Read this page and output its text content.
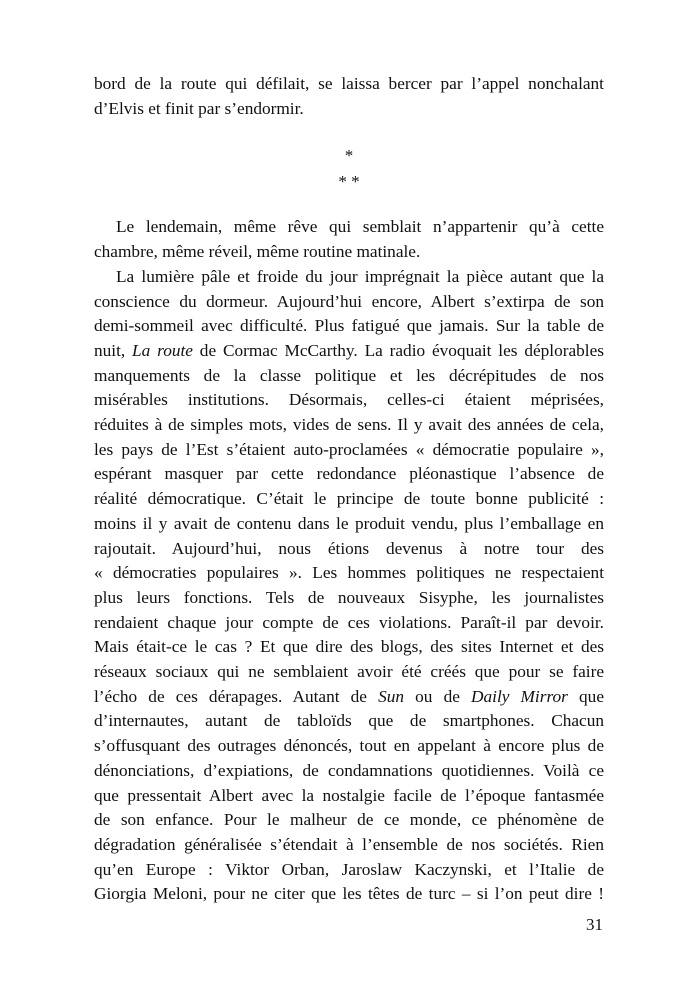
bord de la route qui défilait, se laissa bercer par l’appel nonchalant

d’Elvis et finit par s’endormir.

*
* *

Le lendemain, même rêve qui semblait n’appartenir qu’à cette

chambre, même réveil, même routine matinale.

La lumière pâle et froide du jour imprégnait la pièce autant que la

conscience du dormeur. Aujourd’hui encore, Albert s’extirpa de son

demi-sommeil avec difficulté. Plus fatigué que jamais. Sur la table de

nuit, La route de Cormac McCarthy. La radio évoquait les déplorables

manquements de la classe politique et les décrépitudes de nos

misérables institutions. Désormais, celles-ci étaient méprisées,

réduites à de simples mots, vides de sens. Il y avait des années de cela,

les pays de l’Est s’étaient auto-proclamées « démocratie populaire »,

espérant masquer par cette redondance pléonastique l’absence de

réalité démocratique. C’était le principe de toute bonne publicité :

moins il y avait de contenu dans le produit vendu, plus l’emballage en

rajoutait. Aujourd’hui, nous étions devenus à notre tour des

« démocraties populaires ». Les hommes politiques ne respectaient

plus leurs fonctions. Tels de nouveaux Sisyphe, les journalistes

rendaient chaque jour compte de ces violations. Paraît-il par devoir.

Mais était-ce le cas ? Et que dire des blogs, des sites Internet et des

réseaux sociaux qui ne semblaient avoir été créés que pour se faire

l’écho de ces dérapages. Autant de Sun ou de Daily Mirror que

d’internautes, autant de tabloïds que de smartphones. Chacun

s’offusquant des outrages dénoncés, tout en appelant à encore plus de

dénonciations, d’expiations, de condamnations quotidiennes. Voilà ce

que pressentait Albert avec la nostalgie facile de l’époque fantasmée

de son enfance. Pour le malheur de ce monde, ce phénomène de

dégradation généralisée s’étendait à l’ensemble de nos sociétés. Rien

qu’en Europe : Viktor Orban, Jaroslaw Kaczynski, et l’Italie de

Giorgia Meloni, pour ne citer que les têtes de turc – si l’on peut dire !

31
